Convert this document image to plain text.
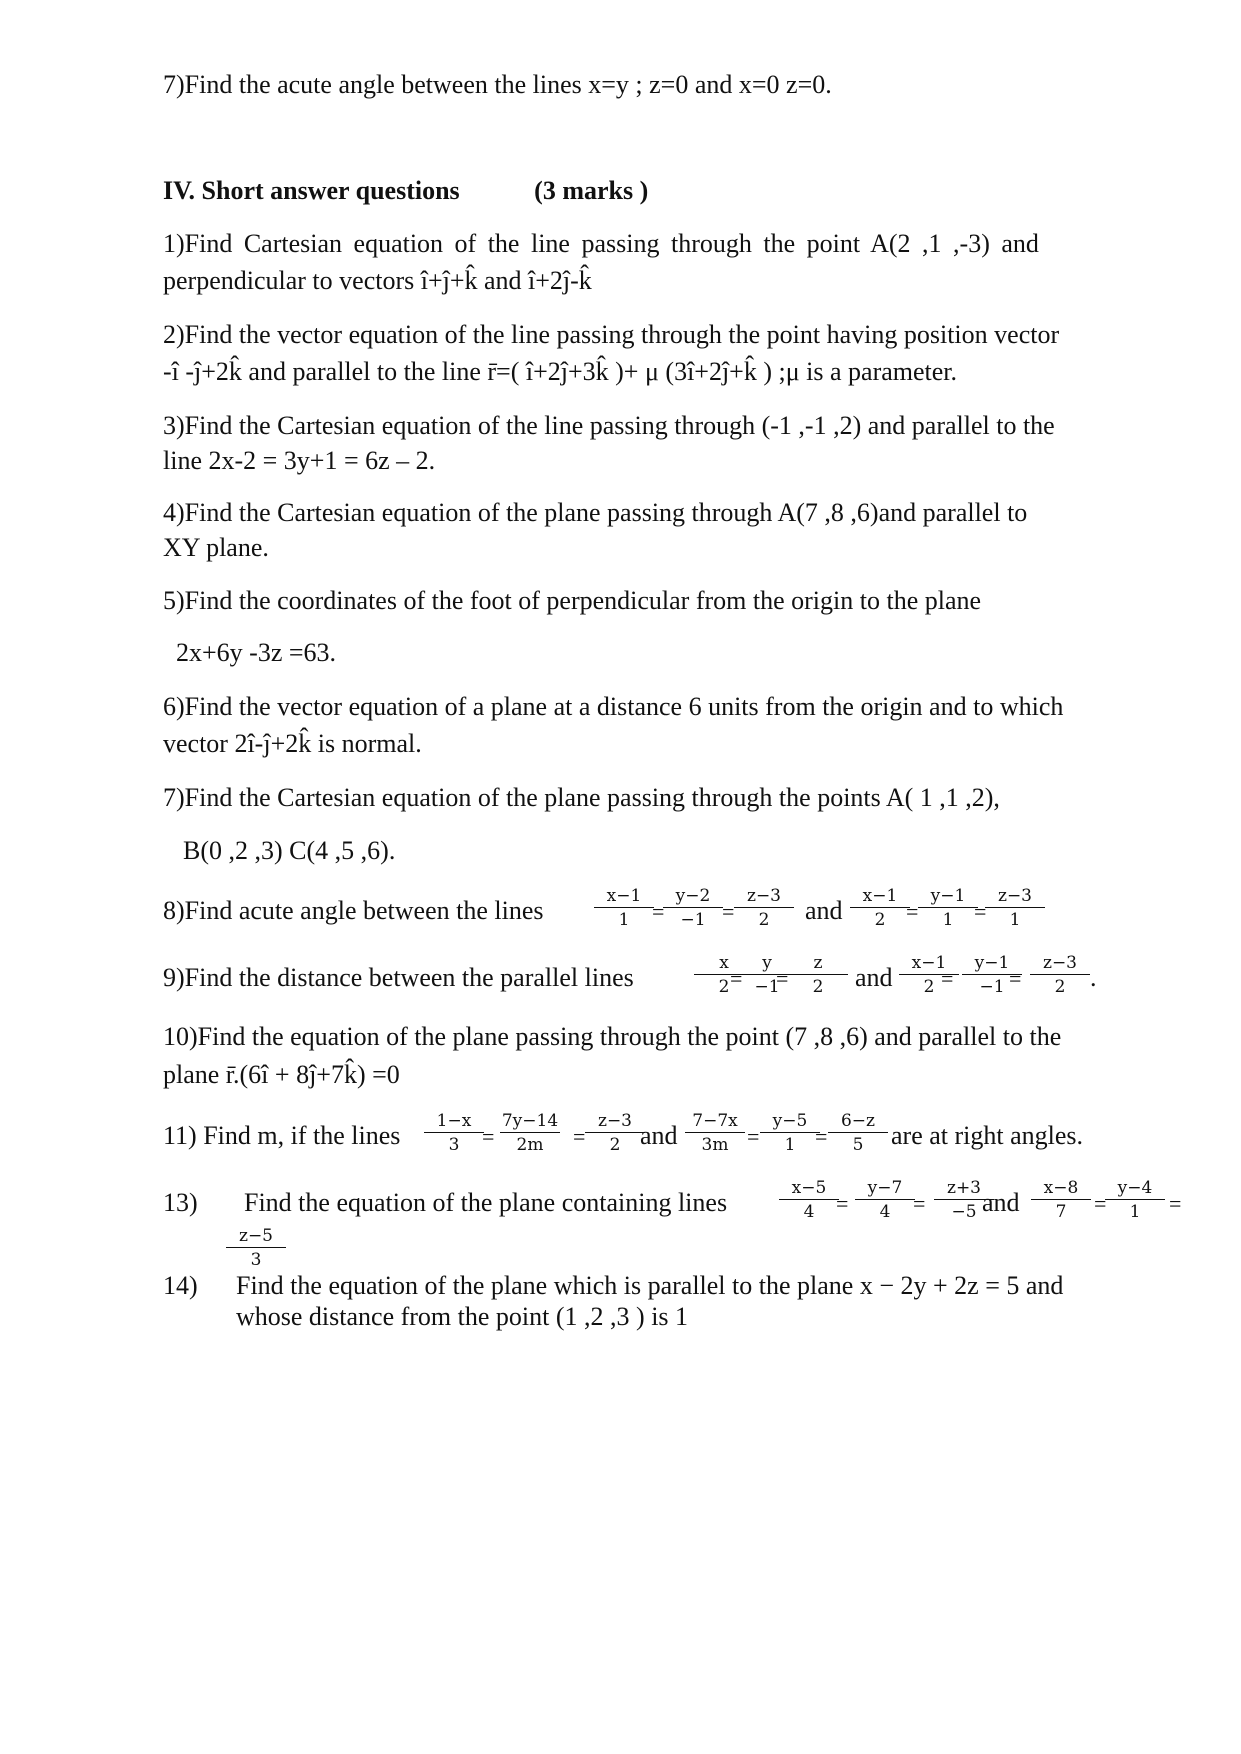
7)Find the acute angle between the lines x=y ; z=0 and x=0 z=0.
IV. Short answer questions	(3 marks )
1)Find Cartesian equation of the line passing through the point A(2 ,1 ,-3) and
perpendicular to vectors î+ĵ+k̂ and î+2ĵ-k̂
2)Find the vector equation of the line passing through the point having position vector
-î -ĵ+2k̂ and parallel to the line r̄=( î+2ĵ+3k̂ )+ μ (3î+2ĵ+k̂ ) ;μ is a parameter.
3)Find the Cartesian equation of the line passing through (-1 ,-1 ,2) and parallel to the
line 2x-2 = 3y+1 = 6z – 2.
4)Find the Cartesian equation of the plane passing through A(7 ,8 ,6)and parallel to
XY plane.
5)Find the coordinates of the foot of perpendicular from the origin to the plane
2x+6y -3z =63.
6)Find the vector equation of a plane at a distance 6 units from the origin and to which
vector 2î-ĵ+2k̂ is normal.
7)Find the Cartesian equation of the plane passing through the points A( 1 ,1 ,2),
B(0 ,2 ,3) C(4 ,5 ,6).
8)Find acute angle between the lines	$\frac{x-1}{1} \frac{y-2}{-1} \frac{z-3}{2}$	$\frac{x-1}{2} \frac{y-1}{1} \frac{z-3}{1}$
=	=	=	=
and
9)Find the distance between the parallel lines	$\frac{x}{2}$
$\frac{y}{-1}$
$\frac{z}{2}$	$\frac{x-1}{2} \frac{y-1}{-1} \frac{z-3}{2}$
= =	=	=
and	.
10)Find the equation of the plane passing through the point (7 ,8 ,6) and parallel to the
plane r̄.(6î + 8ĵ+7k̂) =0
11) Find m, if the lines $\frac{1-x}{3} \frac{7y-14}{2m} \frac{z-3}{2} \frac{7-7x}{3m} \frac{y-5}{1} \frac{6-z}{5}$
=	=	=	=
and	are at right angles.
13) Find the equation of the plane containing lines	$\frac{x-5}{4} \frac{y-7}{4} \frac{z+3}{-5} \frac{x-8}{7} \frac{y-4}{1}$
$\frac{z-5}{3}$
=	=	=	=
and
14) Find the equation of the plane which is parallel to the plane x − 2y + 2z = 5 and
whose distance from the point (1 ,2 ,3 ) is 1
